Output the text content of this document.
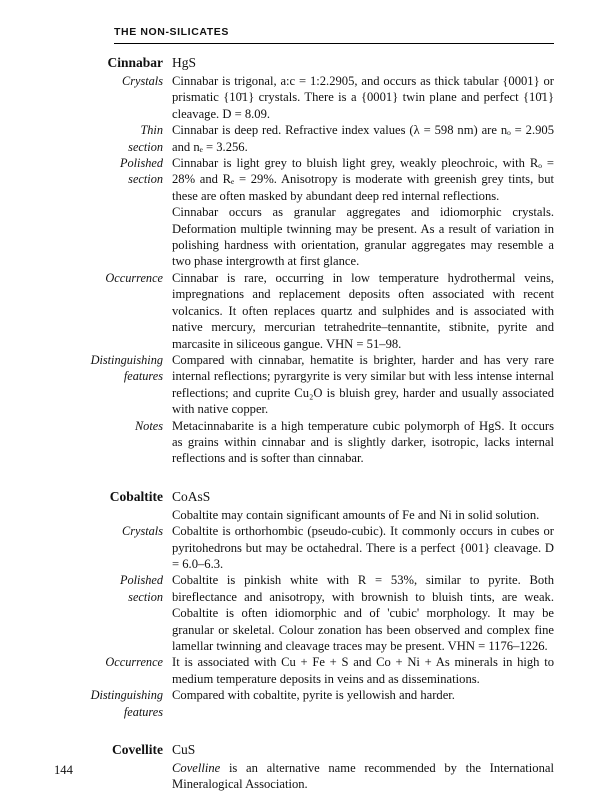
THE NON-SILICATES
Cinnabar HgS
Crystals Cinnabar is trigonal, a:c = 1:2.2905, and occurs as thick tabular {0001} or prismatic {10̄1} crystals. There is a {0001} twin plane and perfect {10̄1} cleavage. D = 8.09.
Thin
section
Cinnabar is deep red. Refractive index values (λ = 598 nm) are nₒ = 2.905 and nₑ = 3.256.
Polished
section
Cinnabar is light grey to bluish light grey, weakly pleochroic, with Rₒ = 28% and Rₑ = 29%. Anisotropy is moderate with greenish grey tints, but these are often masked by abundant deep red internal reflections.
Cinnabar occurs as granular aggregates and idiomorphic crystals. Deformation multiple twinning may be present. As a result of variation in polishing hardness with orientation, granular aggregates may resemble a two phase intergrowth at first glance.
Occurrence Cinnabar is rare, occurring in low temperature hydrothermal veins, impregnations and replacement deposits often associated with recent volcanics. It often replaces quartz and sulphides and is associated with native mercury, mercurian tetrahedrite–tennantite, stibnite, pyrite and marcasite in siliceous gangue. VHN = 51–98.
Distinguishing
features
Compared with cinnabar, hematite is brighter, harder and has very rare internal reflections; pyrargyrite is very similar but with less intense internal reflections; and cuprite Cu₂O is bluish grey, harder and usually associated with native copper.
Notes Metacinnabarite is a high temperature cubic polymorph of HgS. It occurs as grains within cinnabar and is slightly darker, isotropic, lacks internal reflections and is softer than cinnabar.
Cobaltite CoAsS
Cobaltite may contain significant amounts of Fe and Ni in solid solution.
Crystals Cobaltite is orthorhombic (pseudo-cubic). It commonly occurs in cubes or pyritohedrons but may be octahedral. There is a perfect {001} cleavage. D = 6.0–6.3.
Polished
section
Cobaltite is pinkish white with R = 53%, similar to pyrite. Both bireflectance and anisotropy, with brownish to bluish tints, are weak. Cobaltite is often idiomorphic and of 'cubic' morphology. It may be granular or skeletal. Colour zonation has been observed and complex fine lamellar twinning and cleavage traces may be present. VHN = 1176–1226.
Occurrence It is associated with Cu + Fe + S and Co + Ni + As minerals in high to medium temperature deposits in veins and as disseminations.
Distinguishing
features
Compared with cobaltite, pyrite is yellowish and harder.
Covellite CuS
Covelline is an alternative name recommended by the International Mineralogical Association.
144
